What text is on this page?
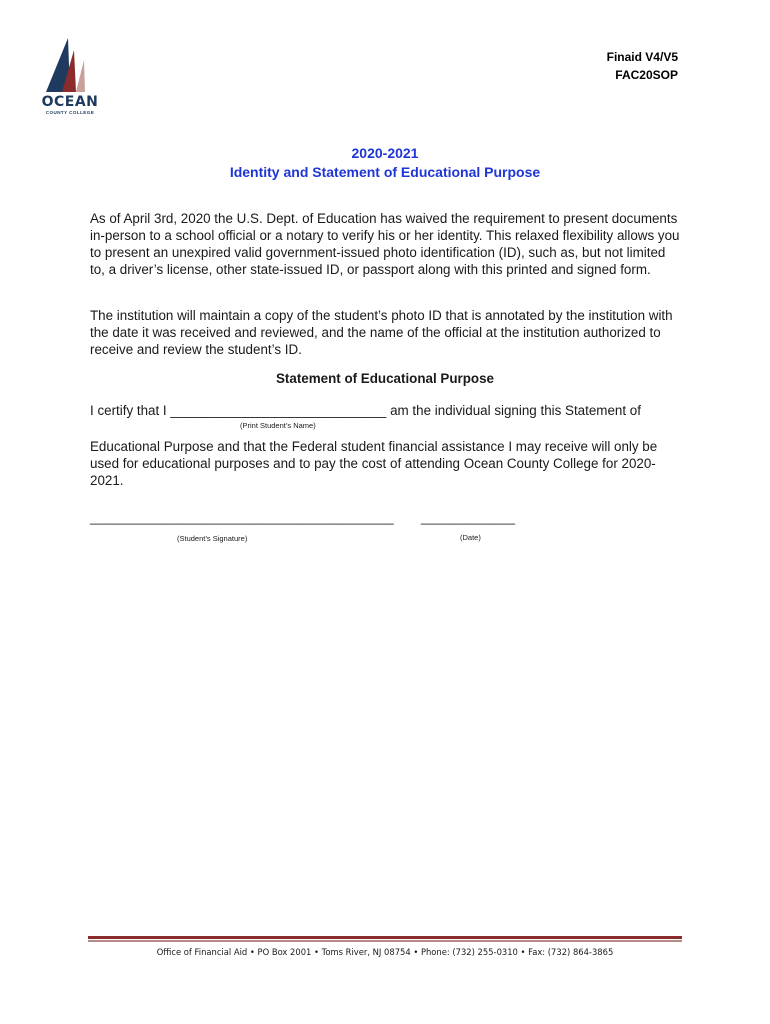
OCEAN
COUNTY COLLEGE
Finaid V4/V5
FAC20SOP
2020-2021
Identity and Statement of Educational Purpose
As of April 3rd, 2020 the U.S. Dept. of Education has waived the requirement to present documents in-person to a school official or a notary to verify his or her identity. This relaxed flexibility allows you to present an unexpired valid government-issued photo identification (ID), such as, but not limited to, a driver’s license, other state-issued ID, or passport along with this printed and signed form.
The institution will maintain a copy of the student’s photo ID that is annotated by the institution with the date it was received and reviewed, and the name of the official at the institution authorized to receive and review the student’s ID.
Statement of Educational Purpose
I certify that I _____________________________ am the individual signing this Statement of
(Print Student’s Name)
Educational Purpose and that the Federal student financial assistance I may receive will only be used for educational purposes and to pay the cost of attending Ocean County College for 2020-2021.
__________________________________________ _____________
(Student’s Signature)	(Date)
Office of Financial Aid • PO Box 2001 • Toms River, NJ 08754 • Phone: (732) 255-0310 • Fax: (732) 864-3865
